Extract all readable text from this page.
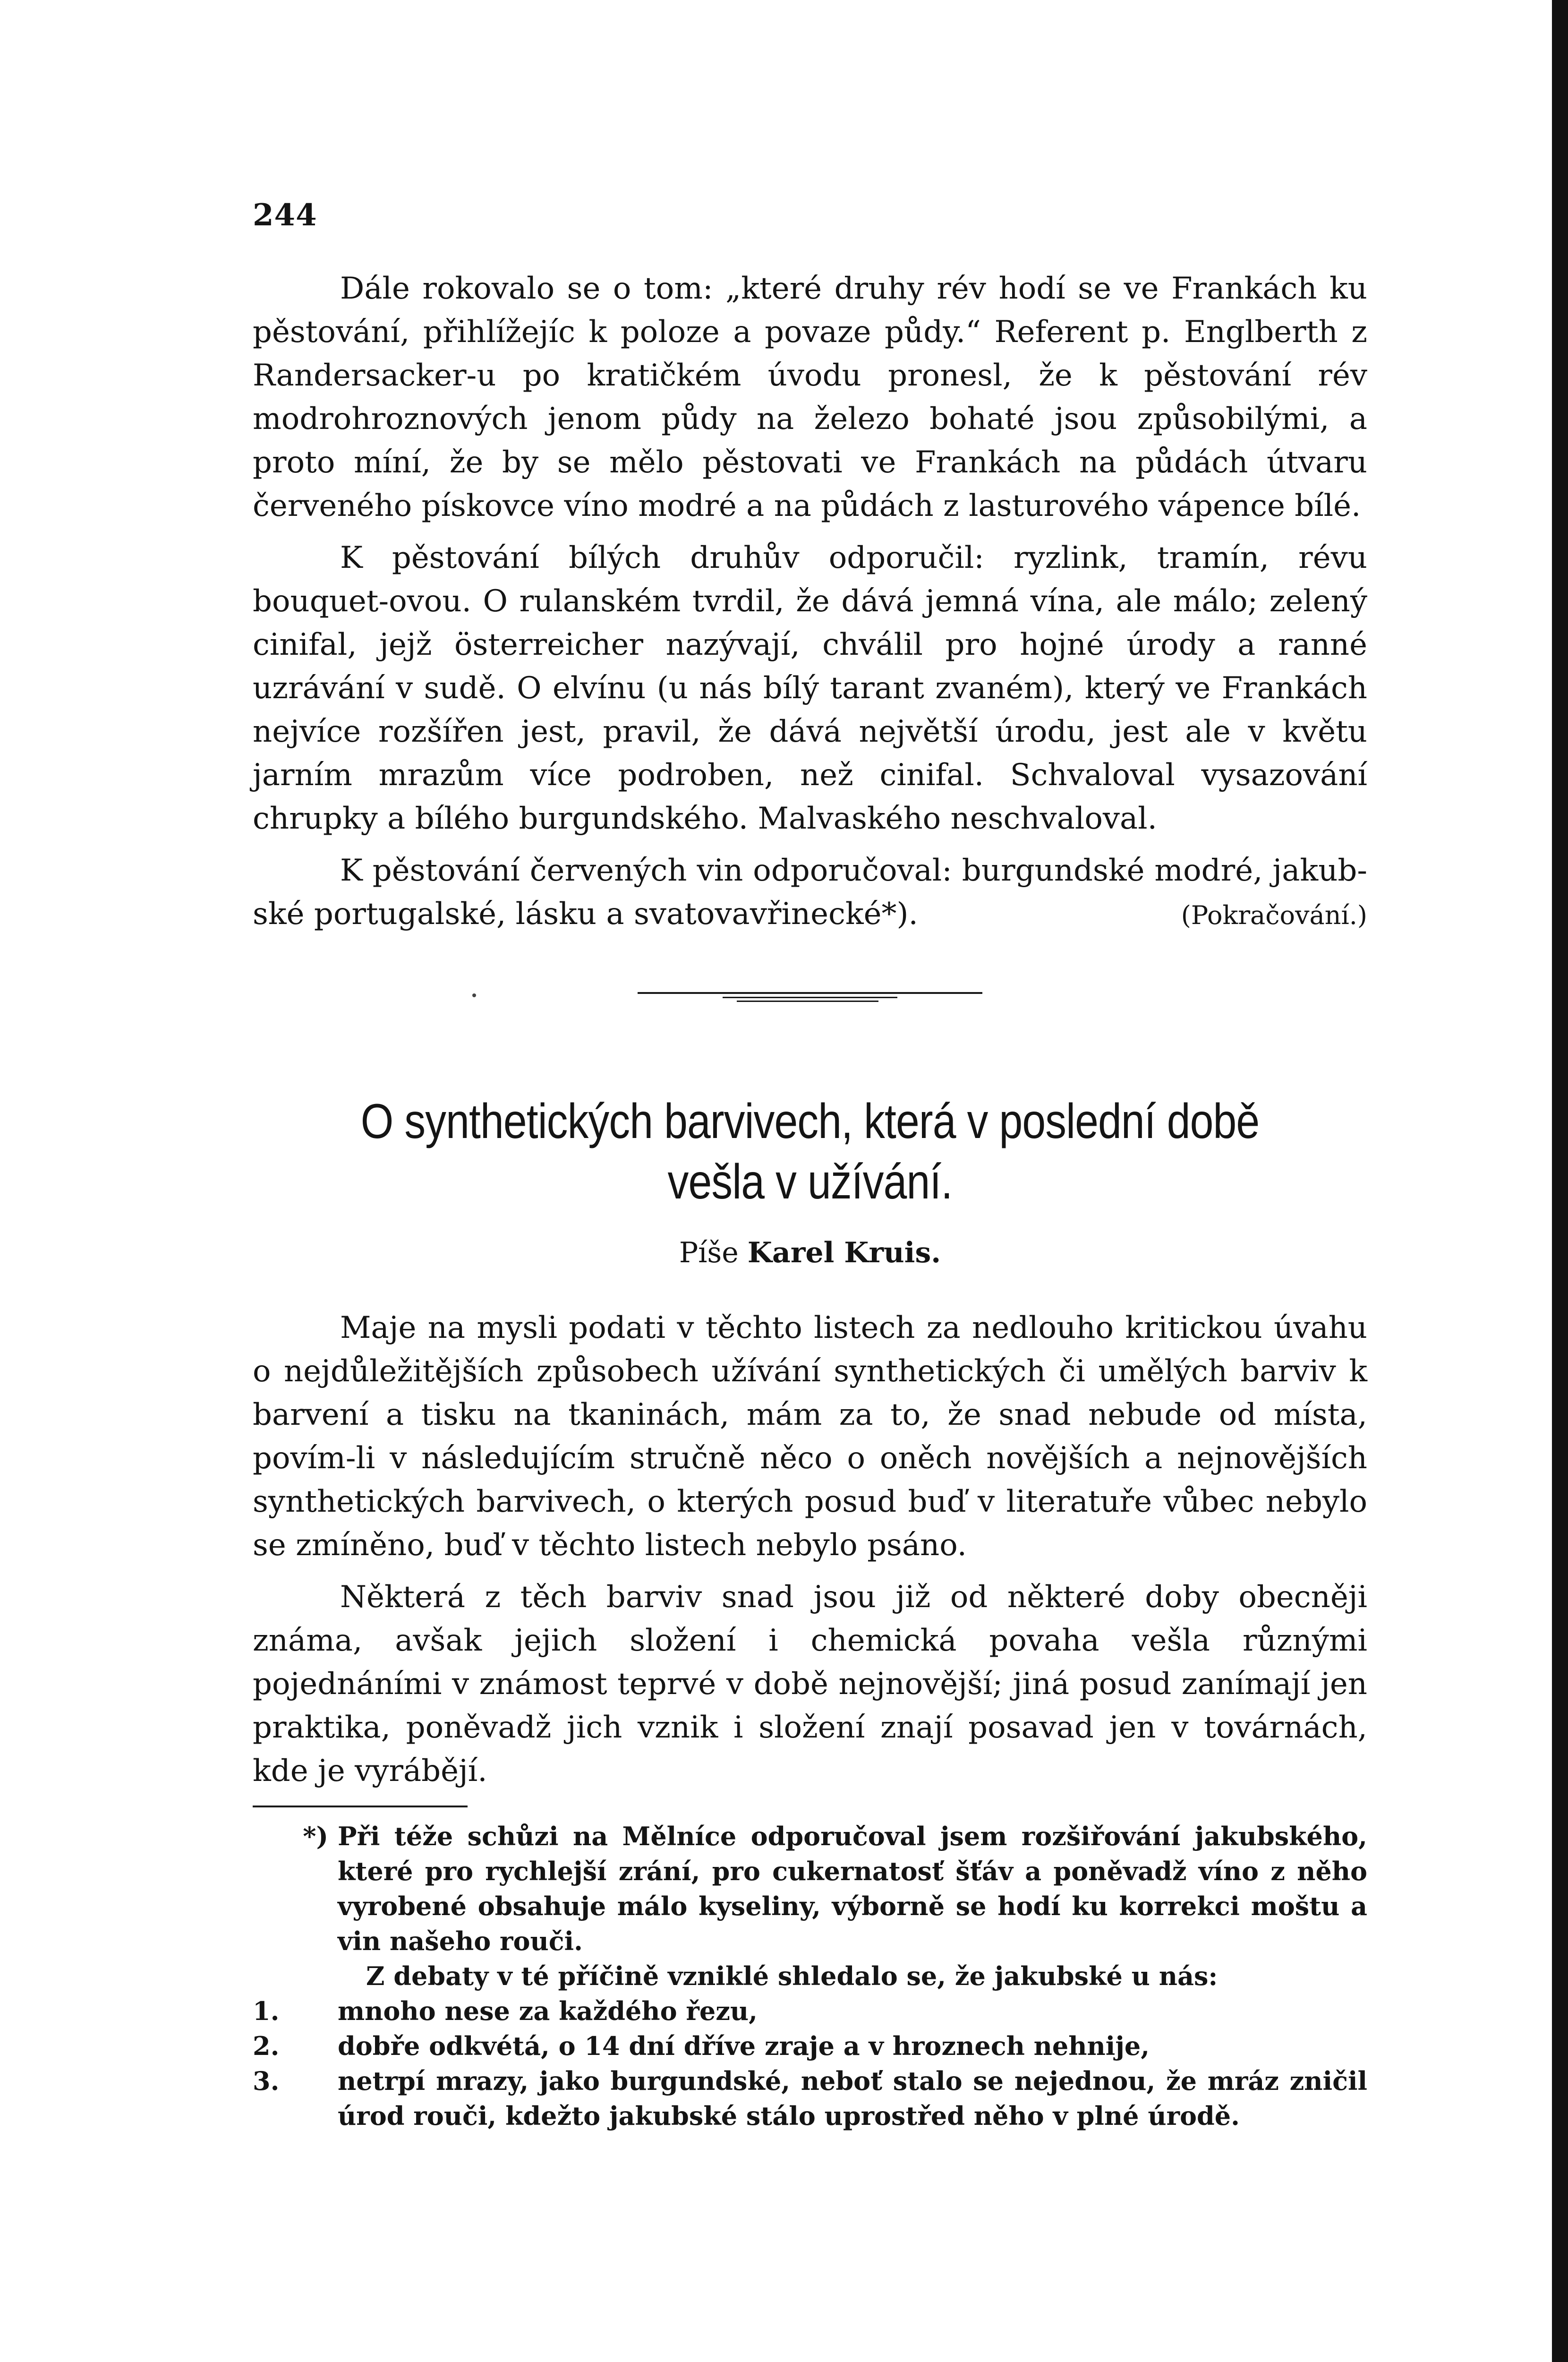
244

Dále rokovalo se o tom: „které druhy rév hodí se ve Frankách ku pěstování, přihlížejíc k poloze a povaze půdy.“ Referent p. Englberth z Randersacker-u po kratičkém úvodu pronesl, že k pěstování rév modrohroznových jenom půdy na železo bohaté jsou způsobilými, a proto míní, že by se mělo pěstovati ve Frankách na půdách útvaru červeného pískovce víno modré a na půdách z lasturového vápence bílé.

K pěstování bílých druhův odporučil: ryzlink, tramín, révu bouquet-ovou. O rulanském tvrdil, že dává jemná vína, ale málo; zelený cinifal, jejž österreicher nazývají, chválil pro hojné úrody a ranné uzrávání v sudě. O elvínu (u nás bílý tarant zvaném), který ve Frankách nejvíce rozšířen jest, pravil, že dává největší úrodu, jest ale v květu jarním mrazům více podroben, než cinifal. Schvaloval vysazování chrupky a bílého burgundského. Malvaského neschvaloval.

K pěstování červených vin odporučoval: burgundské modré, jakub-

ské portugalské, lásku a svatovavřinecké*).	(Pokračování.)
O synthetických barvivech, která v poslední době
vešla v užívání.
Píše Karel Kruis.

Maje na mysli podati v těchto listech za nedlouho kritickou úvahu o nejdůležitějších způsobech užívání synthetických či umělých barviv k barvení a tisku na tkaninách, mám za to, že snad nebude od místa, povím-li v následujícím stručně něco o oněch novějších a nejnovějších synthetických barvivech, o kterých posud buď v literatuře vůbec nebylo se zmíněno, buď v těchto listech nebylo psáno.

Některá z těch barviv snad jsou již od některé doby obecněji známa, avšak jejich složení i chemická povaha vešla různými pojednáními v známost teprvé v době nejnovější; jiná posud zanímají jen praktika, poněvadž jich vznik i složení znají posavad jen v továrnách, kde je vyrábějí.

*) Při téže schůzi na Mělníce odporučoval jsem rozšiřování jakubského, které pro rychlejší zrání, pro cukernatosť šťáv a poněvadž víno z něho vyrobené obsahuje málo kyseliny, výborně se hodí ku korrekci moštu a vin našeho rouči.
Z debaty v té příčině vzniklé shledalo se, že jakubské u nás:
1.	mnoho nese za každého řezu,
2.	dobře odkvétá, o 14 dní dříve zraje a v hroznech nehnije,
3.	netrpí mrazy, jako burgundské, neboť stalo se nejednou, že mráz zničil úrod rouči, kdežto jakubské stálo uprostřed něho v plné úrodě.
